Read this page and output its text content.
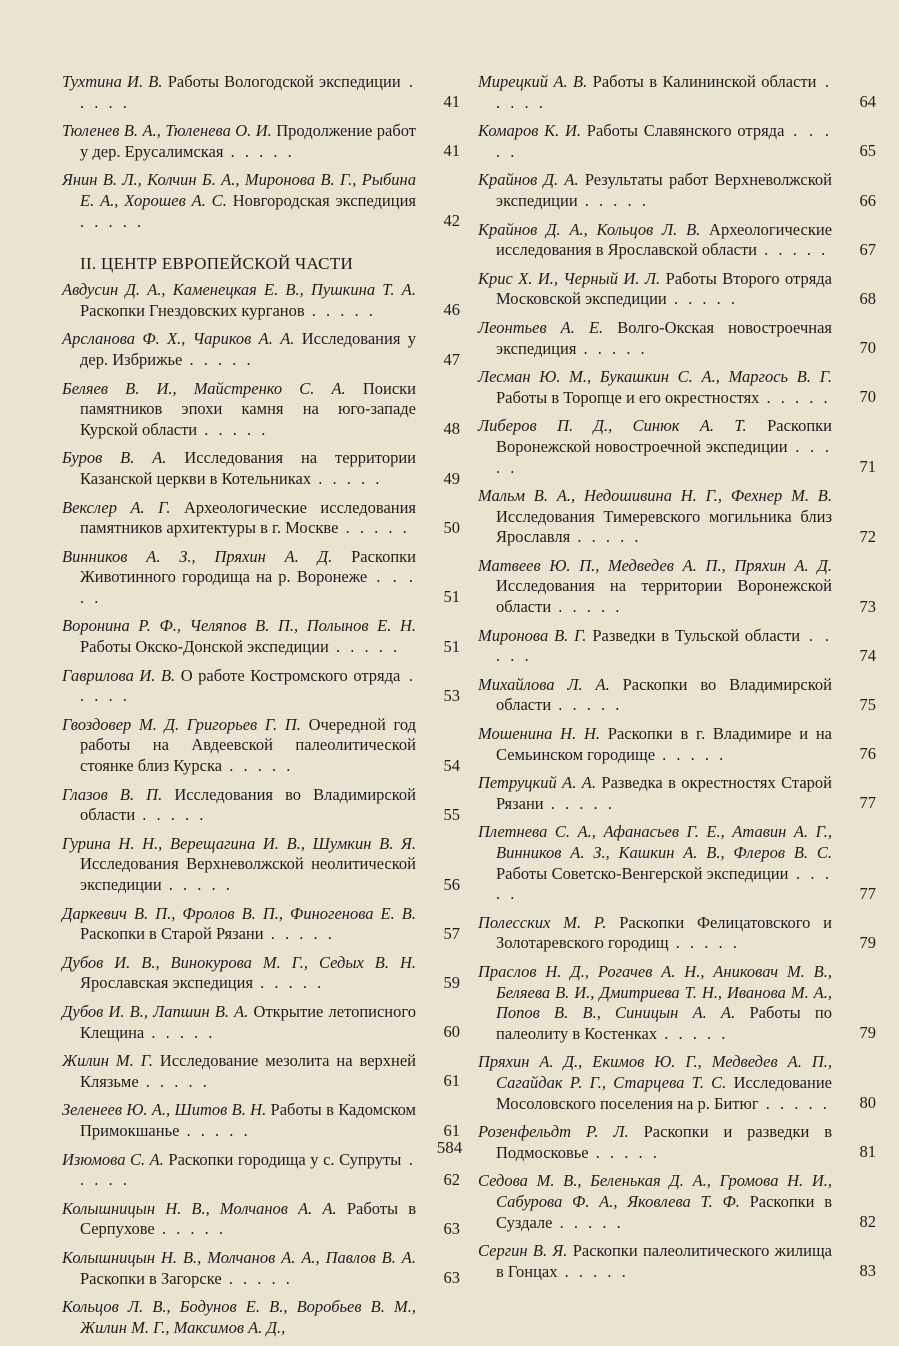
Тухтина И. В. Работы Вологодской экспедиции . . . . .	41
Тюленев В. А., Тюленева О. И. Продолжение работ у дер. Ерусалимская . . . . .	41
Янин В. Л., Колчин Б. А., Миронова В. Г., Рыбина Е. А., Хорошев А. С. Новгородская экспедиция . . . . .	42
II. ЦЕНТР ЕВРОПЕЙСКОЙ ЧАСТИ
Авдусин Д. А., Каменецкая Е. В., Пушкина Т. А. Раскопки Гнездовских курганов . . . . .	46
Арсланова Ф. Х., Чариков А. А. Исследования у дер. Избрижье . . . . .	47
Беляев В. И., Майстренко С. А. Поиски памятников эпохи камня на юго-западе Курской области . . . . .	48
Буров В. А. Исследования на территории Казанской церкви в Котельниках . . . . .	49
Векслер А. Г. Археологические исследования памятников архитектуры в г. Москве . . . . .	50
Винников А. З., Пряхин А. Д. Раскопки Животинного городища на р. Воронеже . . . . .	51
Воронина Р. Ф., Челяпов В. П., Полынов Е. Н. Работы Окско-Донской экспедиции . . . . .	51
Гаврилова И. В. О работе Костромского отряда . . . . .	53
Гвоздовер М. Д. Григорьев Г. П. Очередной год работы на Авдеевской палеолитической стоянке близ Курска . . . . .	54
Глазов В. П. Исследования во Владимирской области . . . . .	55
Гурина Н. Н., Верещагина И. В., Шумкин В. Я. Исследования Верхневолжской неолитической экспедиции . . . . .	56
Даркевич В. П., Фролов В. П., Финогенова Е. В. Раскопки в Старой Рязани . . . . .	57
Дубов И. В., Винокурова М. Г., Седых В. Н. Ярославская экспедиция . . . . .	59
Дубов И. В., Лапшин В. А. Открытие летописного Клещина . . . . .	60
Жилин М. Г. Исследование мезолита на верхней Клязьме . . . . .	61
Зеленеев Ю. А., Шитов В. Н. Работы в Кадомском Примокшанье . . . . .	61
Изюмова С. А. Раскопки городища у с. Супруты . . . . .	62
Колышницын Н. В., Молчанов А. А. Работы в Серпухове . . . . .	63
Колышницын Н. В., Молчанов А. А., Павлов В. А. Раскопки в Загорске . . . . .	63
Кольцов Л. В., Бодунов Е. В., Воробьев В. М., Жилин М. Г., Максимов А. Д.,
Мирецкий А. В. Работы в Калининской области . . . . .	64
Комаров К. И. Работы Славянского отряда . . . . .	65
Крайнов Д. А. Результаты работ Верхневолжской экспедиции . . . . .	66
Крайнов Д. А., Кольцов Л. В. Археологические исследования в Ярославской области . . . . .	67
Крис Х. И., Черный И. Л. Работы Второго отряда Московской экспедиции . . . . .	68
Леонтьев А. Е. Волго-Окская новостроечная экспедиция . . . . .	70
Лесман Ю. М., Букашкин С. А., Маргось В. Г. Работы в Торопце и его окрестностях . . . . .	70
Либеров П. Д., Синюк А. Т. Раскопки Воронежской новостроечной экспедиции . . . . .	71
Мальм В. А., Недошивина Н. Г., Фехнер М. В. Исследования Тимеревского могильника близ Ярославля . . . . .	72
Матвеев Ю. П., Медведев А. П., Пряхин А. Д. Исследования на территории Воронежской области . . . . .	73
Миронова В. Г. Разведки в Тульской области . . . . .	74
Михайлова Л. А. Раскопки во Владимирской области . . . . .	75
Мошенина Н. Н. Раскопки в г. Владимире и на Семьинском городище . . . . .	76
Петруцкий А. А. Разведка в окрестностях Старой Рязани . . . . .	77
Плетнева С. А., Афанасьев Г. Е., Атавин А. Г., Винников А. З., Кашкин А. В., Флеров В. С. Работы Советско-Венгерской экспедиции . . . . .	77
Полесских М. Р. Раскопки Фелицатовского и Золотаревского городищ . . . . .	79
Праслов Н. Д., Рогачев А. Н., Аниковач М. В., Беляева В. И., Дмитриева Т. Н., Иванова М. А., Попов В. В., Синицын А. А. Работы по палеолиту в Костенках . . . . .	79
Пряхин А. Д., Екимов Ю. Г., Медведев А. П., Сагайдак Р. Г., Старцева Т. С. Исследование Мосоловского поселения на р. Битюг . . . . .	80
Розенфельдт Р. Л. Раскопки и разведки в Подмосковье . . . . .	81
Седова М. В., Беленькая Д. А., Громова Н. И., Сабурова Ф. А., Яковлева Т. Ф. Раскопки в Суздале . . . . .	82
Сергин В. Я. Раскопки палеолитического жилища в Гонцах . . . . .	83
584
